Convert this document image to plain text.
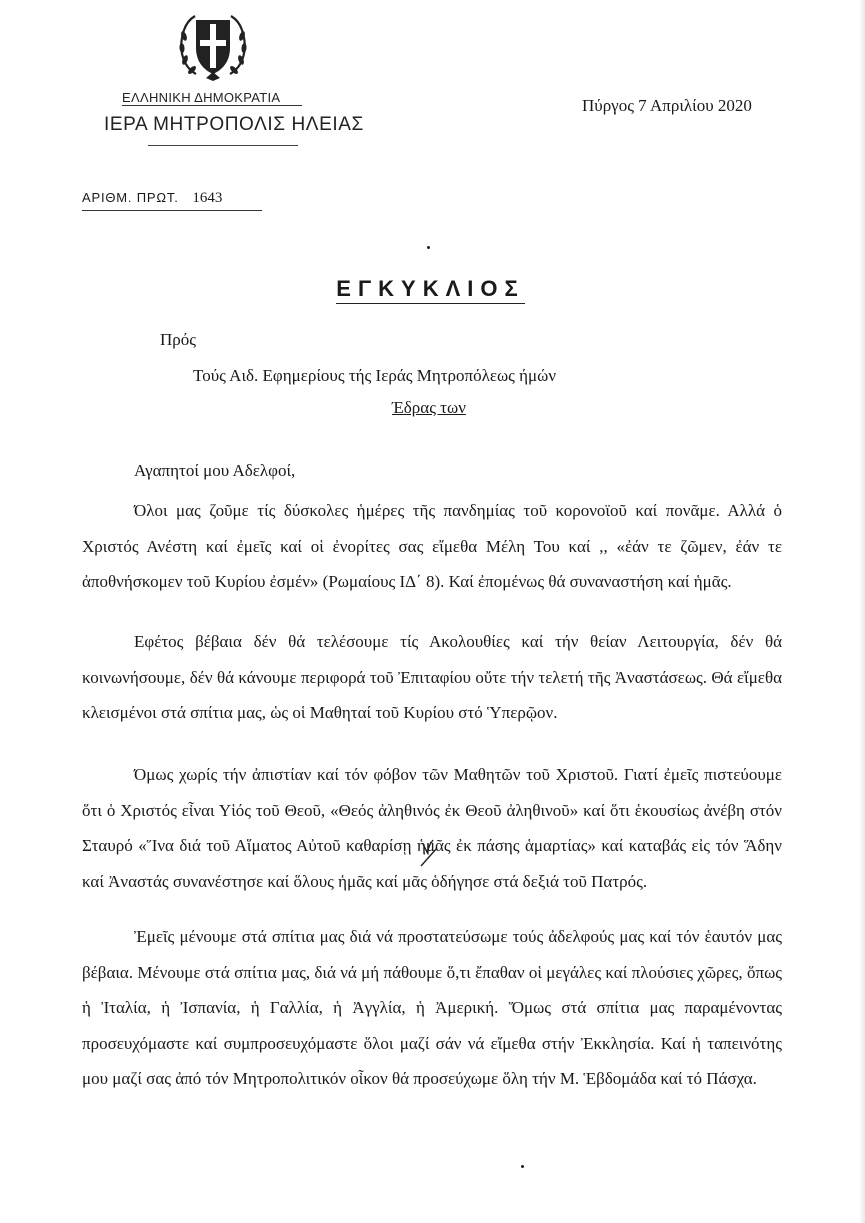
ΕΛΛΗΝΙΚΗ ΔΗΜΟΚΡΑΤΙΑ
ΙΕΡΑ ΜΗΤΡΟΠΟΛΙΣ ΗΛΕΙΑΣ
Πύργος 7 Απριλίου 2020
ΑΡΙΘΜ. ΠΡΩΤ. 1643
ΕΓΚΥΚΛΙΟΣ
Πρός
Τούς Αιδ. Εφημερίους τής Ιεράς Μητροπόλεως ήμών
Έδρας των
Αγαπητοί μου Αδελφοί,

Όλοι μας ζοῦμε τίς δύσκολες ἡμέρες τῆς πανδημίας τοῦ κορονοϊοῦ καί πονᾶμε. Αλλά ὁ Χριστός Ανέστη καί ἐμεῖς καί οἱ ἐνορίτες σας εἴμεθα Μέλη Του καί ,, «ἐάν τε ζῶμεν, ἐάν τε ἀποθνήσκομεν τοῦ Κυρίου ἐσμέν» (Ρωμαίους ΙΔ΄ 8). Καί ἐπομένως θά συναναστήση καί ἡμᾶς.

Εφέτος βέβαια δέν θά τελέσουμε τίς Ακολουθίες καί τήν θείαν Λειτουργία, δέν θά κοινωνήσουμε, δέν θά κάνουμε περιφορά τοῦ Ἐπιταφίου οὔτε τήν τελετή τῆς Ἀναστάσεως. Θά εἴμεθα κλεισμένοι στά σπίτια μας, ὡς οἱ Μαθηταί τοῦ Κυρίου στό Ὑπερῷον.

Όμως χωρίς τήν ἀπιστίαν καί τόν φόβον τῶν Μαθητῶν τοῦ Χριστοῦ. Γιατί ἐμεῖς πιστεύουμε ὅτι ὁ Χριστός εἶναι Υἱός τοῦ Θεοῦ, «Θεός ἀληθινός ἐκ Θεοῦ ἀληθινοῦ» καί ὅτι ἑκουσίως ἀνέβη στόν Σταυρό «Ἵνα διά τοῦ Αἵματος Αὐτοῦ καθαρίσῃ ἡμᾶς ἐκ πάσης ἁμαρτίας» καί καταβάς εἰς τόν Ἅδην καί Ἀναστάς συνανέστησε καί ὅλους ἡμᾶς καί μᾶς ὁδήγησε στά δεξιά τοῦ Πατρός.

Ἐμεῖς μένουμε στά σπίτια μας διά νά προστατεύσωμε τούς ἀδελφούς μας καί τόν ἑαυτόν μας βέβαια. Μένουμε στά σπίτια μας, διά νά μή πάθουμε ὅ,τι ἔπαθαν οἱ μεγάλες καί πλούσιες χῶρες, ὅπως ἡ Ἰταλία, ἡ Ἰσπανία, ἡ Γαλλία, ἡ Ἀγγλία, ἡ Ἀμερική. Ὅμως στά σπίτια μας παραμένοντας προσευχόμαστε καί συμπροσευχόμαστε ὅλοι μαζί σάν νά εἴμεθα στήν Ἐκκλησία. Καί ἡ ταπεινότης μου μαζί σας ἀπό τόν Μητροπολιτικόν οἶκον θά προσεύχωμε ὅλη τήν Μ. Ἑβδομάδα καί τό Πάσχα.
